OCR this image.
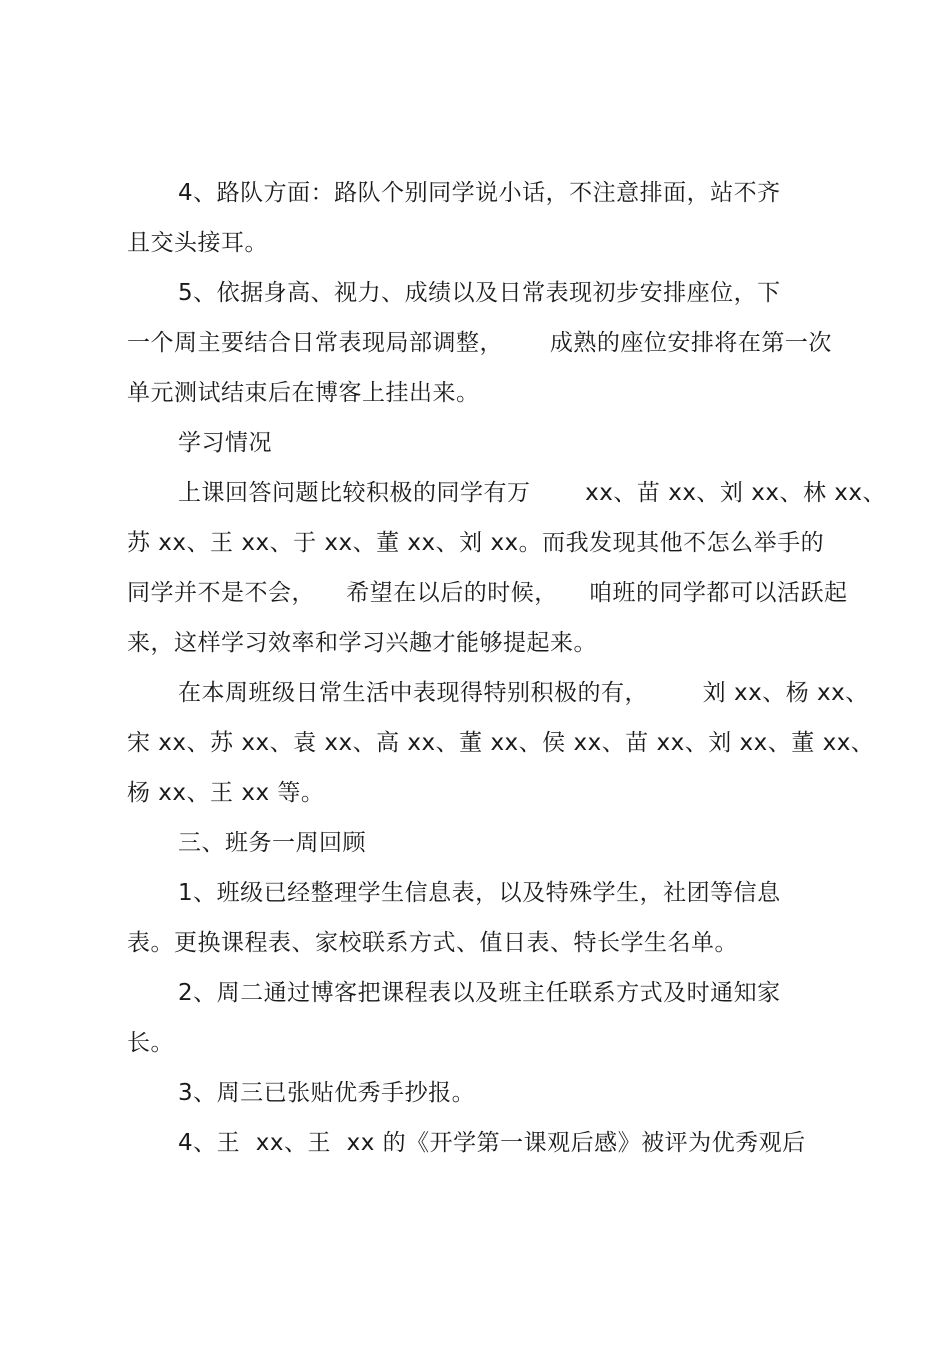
4、路队方面：路队个别同学说小话，不注意排面，站不齐
且交头接耳。
5、依据身高、视力、成绩以及日常表现初步安排座位，下
一个周主要结合日常表现局部调整，      成熟的座位安排将在第一次
单元测试结束后在博客上挂出来。
学习情况
上课回答问题比较积极的同学有万       xx、苗 xx、刘 xx、林 xx、
苏 xx、王 xx、于 xx、董 xx、刘 xx。而我发现其他不怎么举手的
同学并不是不会，    希望在以后的时候，    咱班的同学都可以活跃起
来，这样学习效率和学习兴趣才能够提起来。
在本周班级日常生活中表现得特别积极的有，       刘 xx、杨 xx、
宋 xx、苏 xx、袁 xx、高 xx、董 xx、侯 xx、苗 xx、刘 xx、董 xx、
杨 xx、王 xx 等。
三、班务一周回顾
1、班级已经整理学生信息表，以及特殊学生，社团等信息
表。更换课程表、家校联系方式、值日表、特长学生名单。
2、周二通过博客把课程表以及班主任联系方式及时通知家
长。
3、周三已张贴优秀手抄报。
4、王  xx、王  xx 的《开学第一课观后感》被评为优秀观后
